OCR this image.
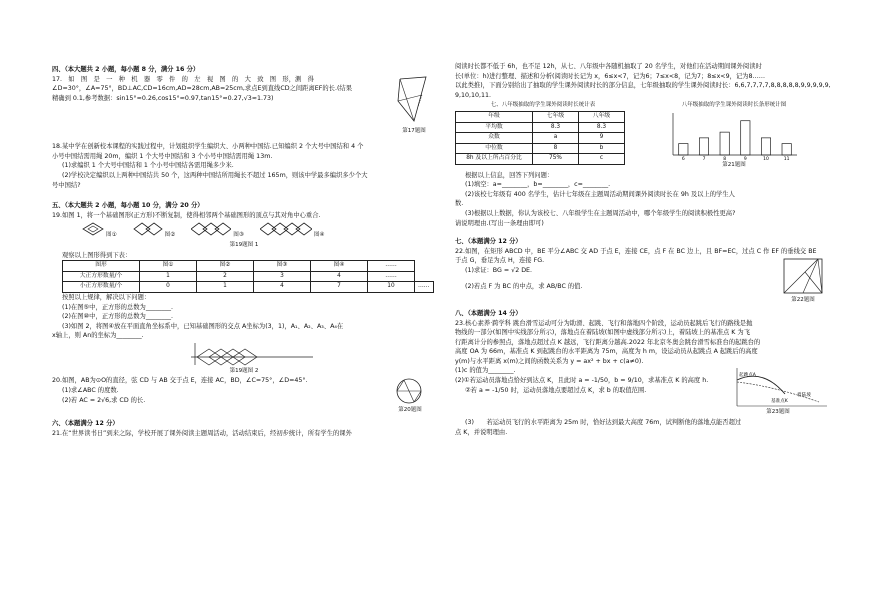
四、（本大题共 2 小题，每小题 8 分，满分 16 分）

17.　如　图　是　一　种　机　器　零　件　的　左　视　图　的　大　致　图　形，测　得

∠D=30°，∠A=75°，BD⊥AC,CD=16cm,AD=28cm,AB=25cm,求点E到直线CD之间距离EF的长.(结果

精确到 0.1,参考数据：sin15°≈0.26,cos15°≈0.97,tan15°≈0.27,√3≈1.73)

第17题图

18.某中学在创新校本课程的实践过程中，计划组织学生编织大、小两种中国结.已知编织 2 个大号中国结和 4 个

小号中国结需用绳 20m，编织 1 个大号中国结和 3 个小号中国结需用绳 13m.

(1)求编织 1 个大号中国结和 1 个小号中国结各需用绳多少米.

(2)学校决定编织以上两种中国结共 50 个，这两种中国结所用绳长不超过 165m，则该中学最多编织多少个大

号中国结?

五、（本大题共 2 小题，每小题 10 分，满分 20 分）

19.如图 1，将一个基础图形(正方形)不断复制，使得相邻两个基础图形的顶点与其对角中心重合.

图①	图②	图③	图④
第19题图 1

观察以上图形得到下表：

图形	图①	图②	图③	图④	……	
大正方形数量/个	1	2	3	4	……	
小正方形数量/个	0	1	4	7	10	……

按照以上规律，解决以下问题：

(1)在图⑤中，正方形的总数为________.

(2)在图⑩中，正方形的总数为________.

(3)如图 2，将图④放在平面直角坐标系中，已知基础图形的交点 A坐标为(3，1)，A₁、A₂、A₃、A₄在

x轴上，则 An的坐标为________.

第19题图 2

20.如图，AB为⊙O的直径，弦 CD 与 AB 交于点 E，连接 AC，BD，∠C=75°，∠D=45°.

(1)求∠ABC 的度数.

(2)若 AC = 2√6,求 CD 的长.

第20题图

六、（本题满分 12 分）

21.在“世界读书日”到来之际，学校开展了课外阅读主题周活动，活动结束后，经初步统计，所有学生的课外

阅读时长都不低于 6h，也不足 12h，从七、八年级中各随机抽取了 20 名学生，对他们在活动期间课外阅读时

长(单位：h)进行整理、描述和分析(阅读时长记为 x，6≤x<7，记为6；7≤x<8，记为7；8≤x<9，记为8……

以此类推)，下面分别给出了抽取的学生课外阅读时长的部分信息，七年级抽取的学生课外阅读时长：6,6,7,7,7,7,8,8,8,8,8,9,9,9,9,9,9,10,10,11.

七、八年级抽取的学生课外阅读时长统计表
年级	七年级	八年级
平均数	8.3	8.3
众数	a	9
中位数	8	b
8h 及以上所占百分比	75%	c
八年级抽取的学生课外阅读时长条形统计图
6	7	8	9	10	11
第21题图

根据以上信息，回答下列问题：

(1)填空：a=________，b=________，c=________.

(2)该校七年级有 400 名学生，估计七年级在主题周活动期间课外阅读时长在 9h 及以上的学生人

数.

(3)根据以上数据，你认为该校七、八年级学生在主题周活动中，哪个年级学生的阅读积极性更高?

请说明理由.(写出一条理由即可)

七、（本题满分 12 分）

22.如图，在矩形 ABCD 中，BE 平分∠ABC 交 AD 于点 E，连接 CE，点 F 在 BC 边上，且 BF=EC，过点 C 作 EF 的垂线交 BE

于点 G，垂足为点 H，连接 FG.

(1)求证：BG = √2 DE.

(2)若点 F 为 BC 的中点，求 AB/BC 的值.

第22题图

八、（本题满分 14 分）

23.核心素养·跨学科 跳台滑雪运动可分为助滑、起跳、飞行和落地四个阶段，运动员起跳后飞行的路线是抛

物线的一部分(如图中实线部分所示)，落地点在着陆坡(如图中虚线部分所示)上，着陆坡上的基准点 K 为飞

行距离计分的参照点，落地点超过点 K 越远，飞行距离分越高.2022 年北京冬奥会跳台滑雪标准台的起跳台的

高度 OA 为 66m，基准点 K 到起跳台的水平距离为 75m，高度为 h m，设运动员从起跳点 A 起跳后的高度

y(m)与水平距离 x(m)之间的函数关系为 y = ax² + bx + c(a≠0).

(1)c 的值为________.

(2)①若运动员落地点恰好到达点 K，且此时 a = -1/50，b = 9/10，求基准点 K 的高度 h.

②若 a = -1/50 时，运动员落地点要超过点 K，求 b 的取值范围.

起跳点A
基准点K
着陆坡
第23题图

(3)　　若运动员飞行的水平距离为 25m 时，恰好达到最大高度 76m，试判断他的落地点能否超过

点 K，并说明理由.
